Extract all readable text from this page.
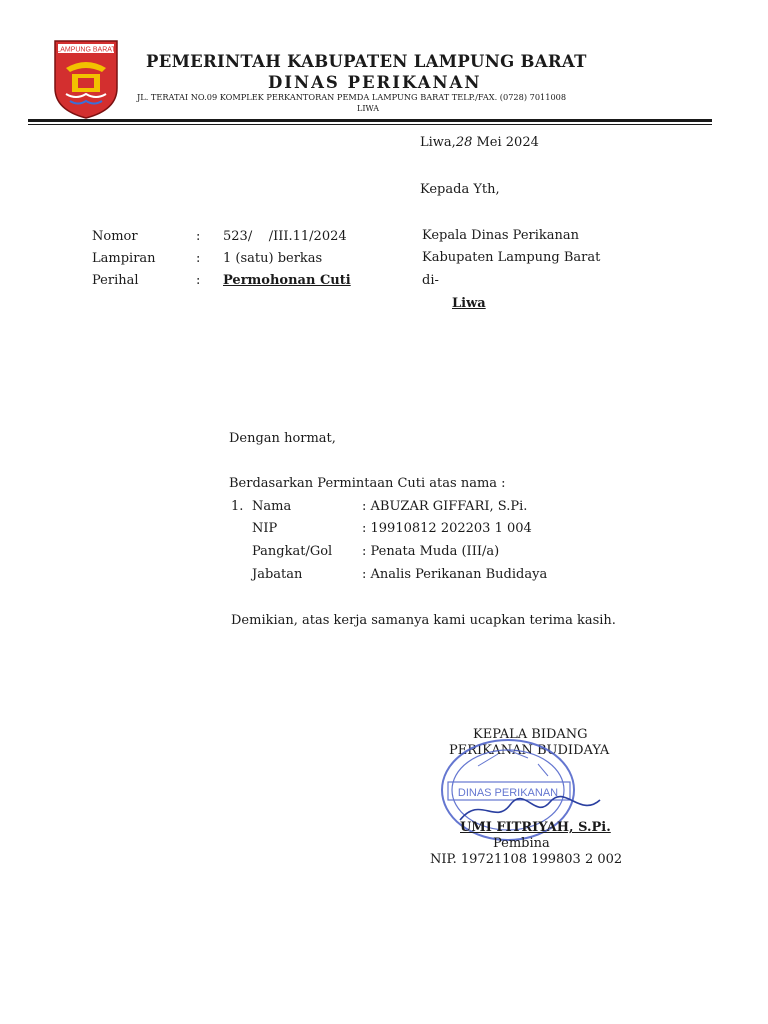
LAMPUNG BARAT
PEMERINTAH KABUPATEN LAMPUNG BARAT
DINAS PERIKANAN
JL. TERATAI NO.09 KOMPLEK PERKANTORAN PEMDA LAMPUNG BARAT TELP./FAX. (0728) 7011008
LIWA
Liwa,28 Mei 2024
Kepada Yth,
Kepala Dinas Perikanan
Kabupaten Lampung Barat
di-
Liwa
Nomor	: 523/    /III.11/2024
Lampiran	: 1 (satu) berkas
Perihal	: Permohonan Cuti
Dengan hormat,
Berdasarkan Permintaan Cuti atas nama :
1. Nama	: ABUZAR GIFFARI, S.Pi.
NIP	: 19910812 202203 1 004
Pangkat/Gol : Penata Muda (III/a)
Jabatan	: Analis Perikanan Budidaya
Demikian, atas kerja samanya kami ucapkan terima kasih.
KEPALA BIDANG
PERIKANAN BUDIDAYA
DINAS PERIKANAN
UMI FITRIYAH, S.Pi.
Pembina
NIP. 19721108 199803 2 002
